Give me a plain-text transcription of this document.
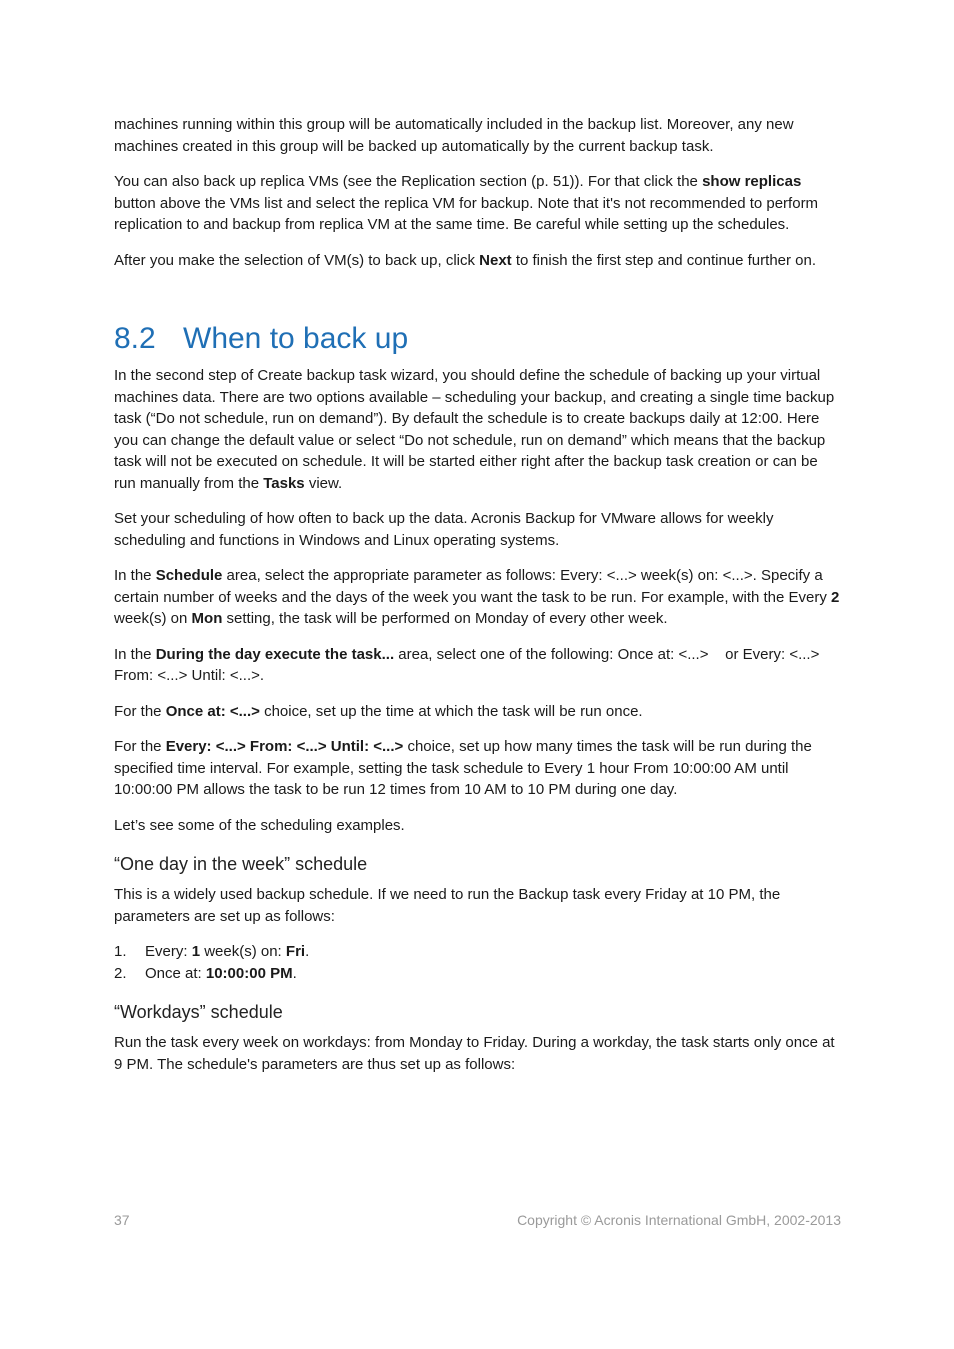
machines running within this group will be automatically included in the backup list. Moreover, any new machines created in this group will be backed up automatically by the current backup task.

You can also back up replica VMs (see the Replication section (p. 51)). For that click the show replicas button above the VMs list and select the replica VM for backup. Note that it's not recommended to perform replication to and backup from replica VM at the same time. Be careful while setting up the schedules.

After you make the selection of VM(s) to back up, click Next to finish the first step and continue further on.

8.2 When to back up

In the second step of Create backup task wizard, you should define the schedule of backing up your virtual machines data. There are two options available – scheduling your backup, and creating a single time backup task (“Do not schedule, run on demand”). By default the schedule is to create backups daily at 12:00. Here you can change the default value or select “Do not schedule, run on demand” which means that the backup task will not be executed on schedule. It will be started either right after the backup task creation or can be run manually from the Tasks view.

Set your scheduling of how often to back up the data. Acronis Backup for VMware allows for weekly scheduling and functions in Windows and Linux operating systems.

In the Schedule area, select the appropriate parameter as follows: Every: <...> week(s) on: <...>. Specify a certain number of weeks and the days of the week you want the task to be run. For example, with the Every 2 week(s) on Mon setting, the task will be performed on Monday of every other week.

In the During the day execute the task... area, select one of the following: Once at: <...>    or Every: <...> From: <...> Until: <...>.

For the Once at: <...> choice, set up the time at which the task will be run once.

For the Every: <...> From: <...> Until: <...> choice, set up how many times the task will be run during the specified time interval. For example, setting the task schedule to Every 1 hour From 10:00:00 AM until 10:00:00 PM allows the task to be run 12 times from 10 AM to 10 PM during one day.

Let’s see some of the scheduling examples.

“One day in the week” schedule

This is a widely used backup schedule. If we need to run the Backup task every Friday at 10 PM, the parameters are set up as follows:

1.	Every: 1 week(s) on: Fri.
2.	Once at: 10:00:00 PM.
“Workdays” schedule

Run the task every week on workdays: from Monday to Friday. During a workday, the task starts only once at 9 PM. The schedule's parameters are thus set up as follows:

37	Copyright © Acronis International GmbH, 2002-2013
